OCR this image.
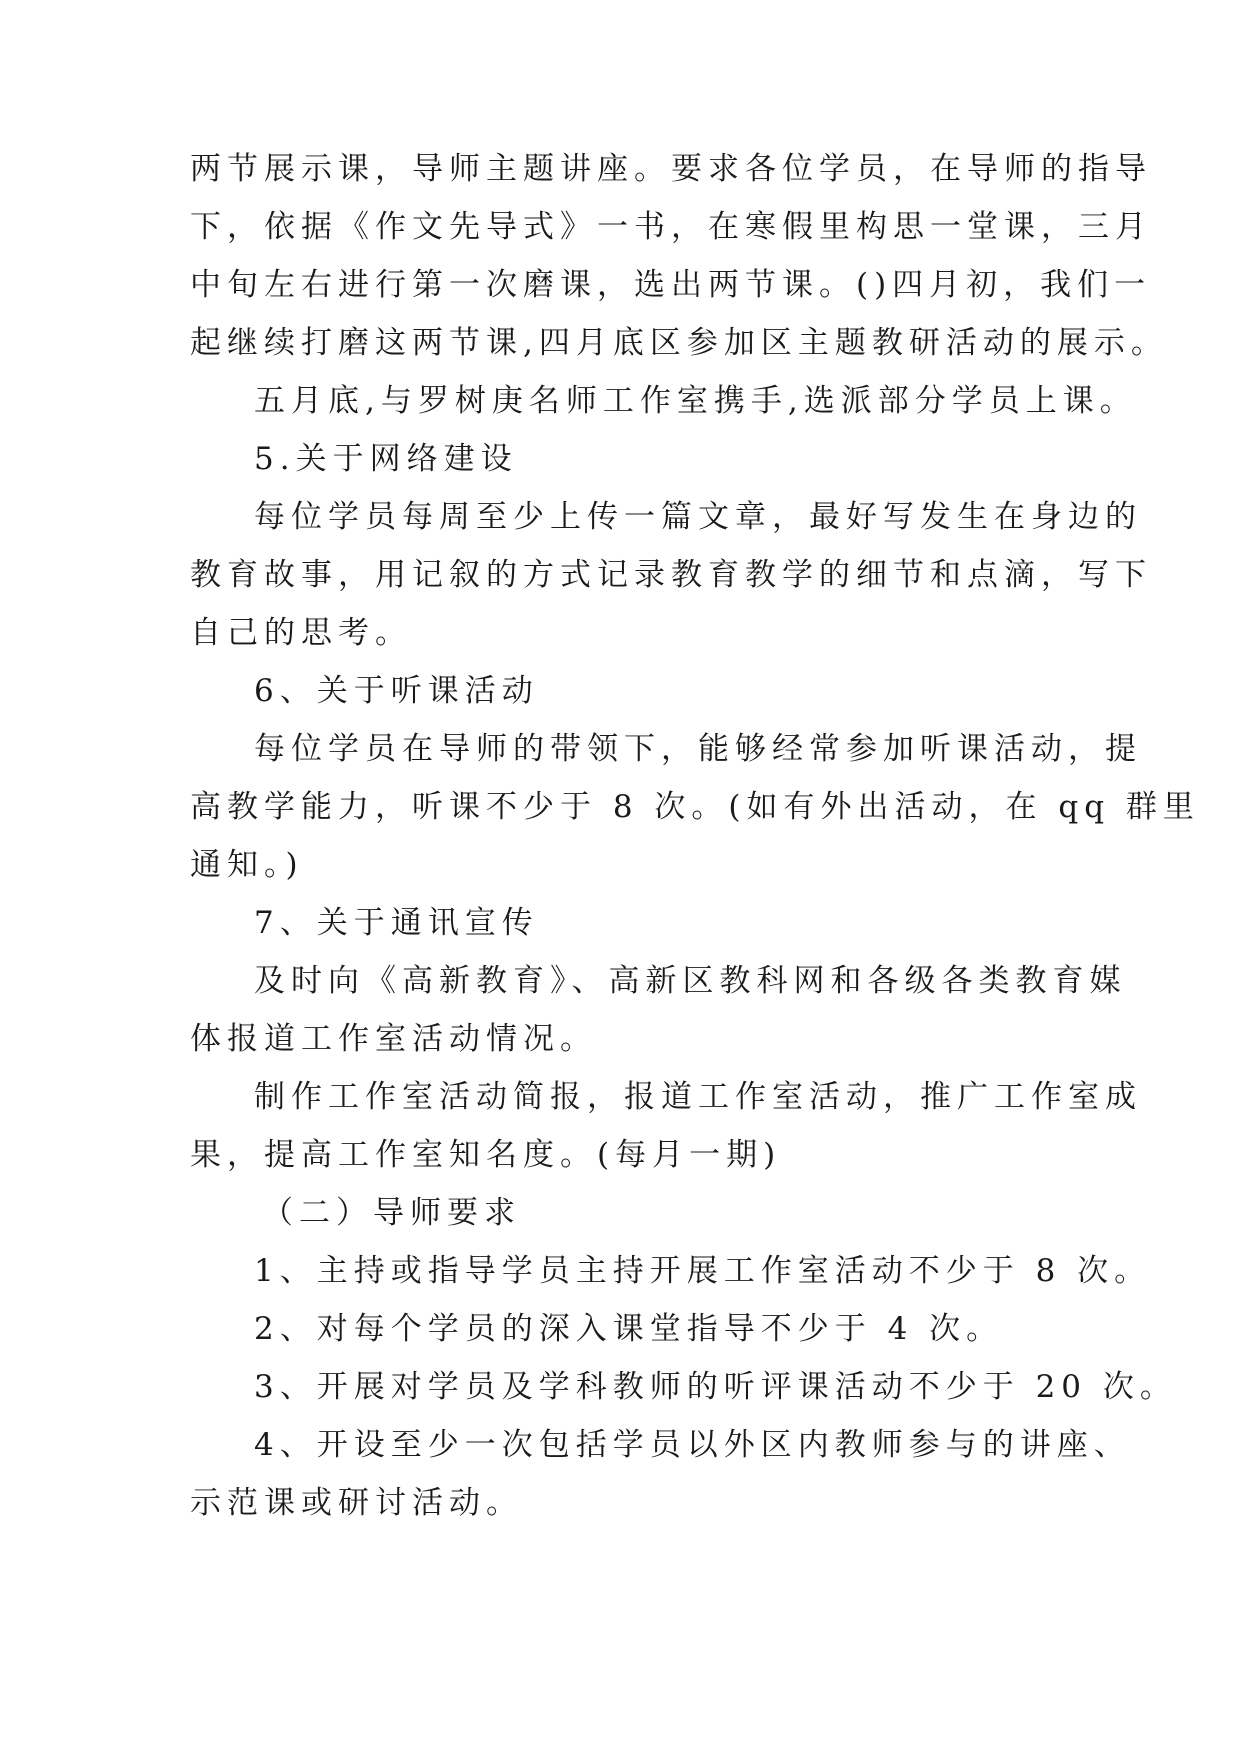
两节展示课，导师主题讲座。要求各位学员，在导师的指导
下，依据《作文先导式》一书，在寒假里构思一堂课，三月
中旬左右进行第一次磨课，选出两节课。()四月初，我们一
起继续打磨这两节课,四月底区参加区主题教研活动的展示。
五月底,与罗树庚名师工作室携手,选派部分学员上课。
5.关于网络建设
每位学员每周至少上传一篇文章，最好写发生在身边的
教育故事，用记叙的方式记录教育教学的细节和点滴，写下
自己的思考。
6、关于听课活动
每位学员在导师的带领下，能够经常参加听课活动，提
高教学能力，听课不少于 8 次。(如有外出活动，在 qq 群里
通知。)
7、关于通讯宣传
及时向《高新教育》、高新区教科网和各级各类教育媒
体报道工作室活动情况。
制作工作室活动简报，报道工作室活动，推广工作室成
果，提高工作室知名度。(每月一期)
（二）导师要求
1、主持或指导学员主持开展工作室活动不少于 8 次。
2、对每个学员的深入课堂指导不少于 4 次。
3、开展对学员及学科教师的听评课活动不少于 20 次。
4、开设至少一次包括学员以外区内教师参与的讲座、
示范课或研讨活动。
